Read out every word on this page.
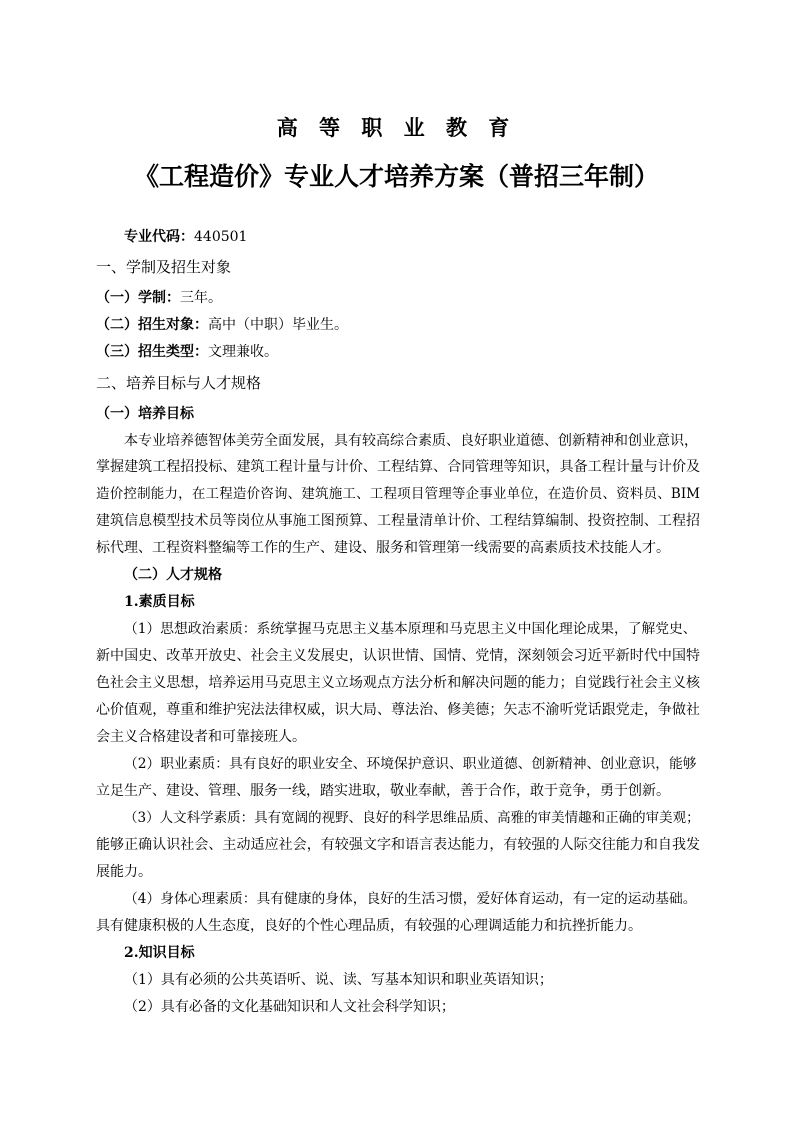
高 等 职 业 教 育
《工程造价》专业人才培养方案（普招三年制）
专业代码：440501
一、学制及招生对象
（一）学制：三年。
（二）招生对象：高中（中职）毕业生。
（三）招生类型：文理兼收。
二、培养目标与人才规格
（一）培养目标
本专业培养德智体美劳全面发展，具有较高综合素质、良好职业道德、创新精神和创业意识，
掌握建筑工程招投标、建筑工程计量与计价、工程结算、合同管理等知识，具备工程计量与计价及
造价控制能力，在工程造价咨询、建筑施工、工程项目管理等企事业单位，在造价员、资料员、BIM
建筑信息模型技术员等岗位从事施工图预算、工程量清单计价、工程结算编制、投资控制、工程招
标代理、工程资料整编等工作的生产、建设、服务和管理第一线需要的高素质技术技能人才。
（二）人才规格
1.素质目标
（1）思想政治素质：系统掌握马克思主义基本原理和马克思主义中国化理论成果，了解党史、
新中国史、改革开放史、社会主义发展史，认识世情、国情、党情，深刻领会习近平新时代中国特
色社会主义思想，培养运用马克思主义立场观点方法分析和解决问题的能力；自觉践行社会主义核
心价值观，尊重和维护宪法法律权威，识大局、尊法治、修美德；矢志不渝听党话跟党走，争做社
会主义合格建设者和可靠接班人。
（2）职业素质：具有良好的职业安全、环境保护意识、职业道德、创新精神、创业意识，能够
立足生产、建设、管理、服务一线，踏实进取，敬业奉献，善于合作，敢于竞争，勇于创新。
（3）人文科学素质：具有宽阔的视野、良好的科学思维品质、高雅的审美情趣和正确的审美观；
能够正确认识社会、主动适应社会，有较强文字和语言表达能力，有较强的人际交往能力和自我发
展能力。
（4）身体心理素质：具有健康的身体，良好的生活习惯，爱好体育运动，有一定的运动基础。
具有健康积极的人生态度，良好的个性心理品质，有较强的心理调适能力和抗挫折能力。
2.知识目标
（1）具有必须的公共英语听、说、读、写基本知识和职业英语知识；
（2）具有必备的文化基础知识和人文社会科学知识；
